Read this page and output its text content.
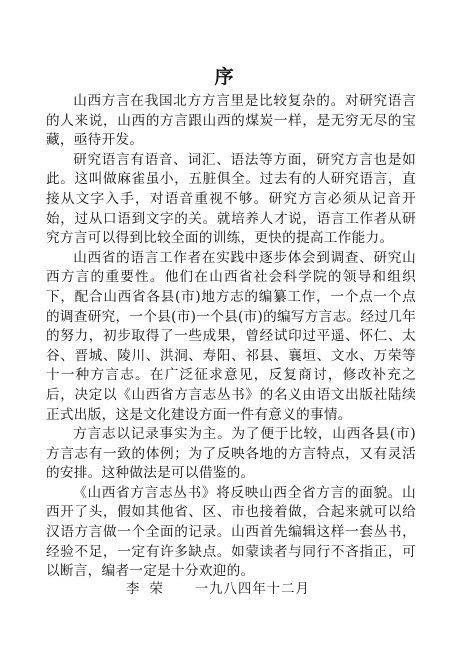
序

山西方言在我国北方方言里是比较复杂的。对研究语言的人来说，山西的方言跟山西的煤炭一样，是无穷无尽的宝藏，亟待开发。

研究语言有语音、词汇、语法等方面，研究方言也是如此。这叫做麻雀虽小，五脏俱全。过去有的人研究语言，直接从文字入手，对语音重视不够。研究方言必须从记音开始，过从口语到文字的关。就培养人才说，语言工作者从研究方言可以得到比较全面的训练，更快的提高工作能力。

山西省的语言工作者在实践中逐步体会到调查、研究山西方言的重要性。他们在山西省社会科学院的领导和组织下，配合山西省各县(市)地方志的编纂工作，一个点一个点的调查研究，一个县(市)一个县(市)的编写方言志。经过几年的努力，初步取得了一些成果，曾经试印过平遥、怀仁、太谷、晋城、陵川、洪洞、寿阳、祁县、襄垣、文水、万荣等十一种方言志。在广泛征求意见，反复商讨，修改补充之后，决定以《山西省方言志丛书》的名义由语文出版社陆续正式出版，这是文化建设方面一件有意义的事情。

方言志以记录事实为主。为了便于比较，山西各县(市)方言志有一致的体例；为了反映各地的方言特点，又有灵活的安排。这种做法是可以借鉴的。

《山西省方言志丛书》将反映山西全省方言的面貌。山西开了头，假如其他省、区、市也接着做，合起来就可以给汉语方言做一个全面的记录。山西首先编辑这样一套丛书，经验不足，一定有许多缺点。如蒙读者与同行不吝指正，可以断言，编者一定是十分欢迎的。

李荣 一九八四年十二月
